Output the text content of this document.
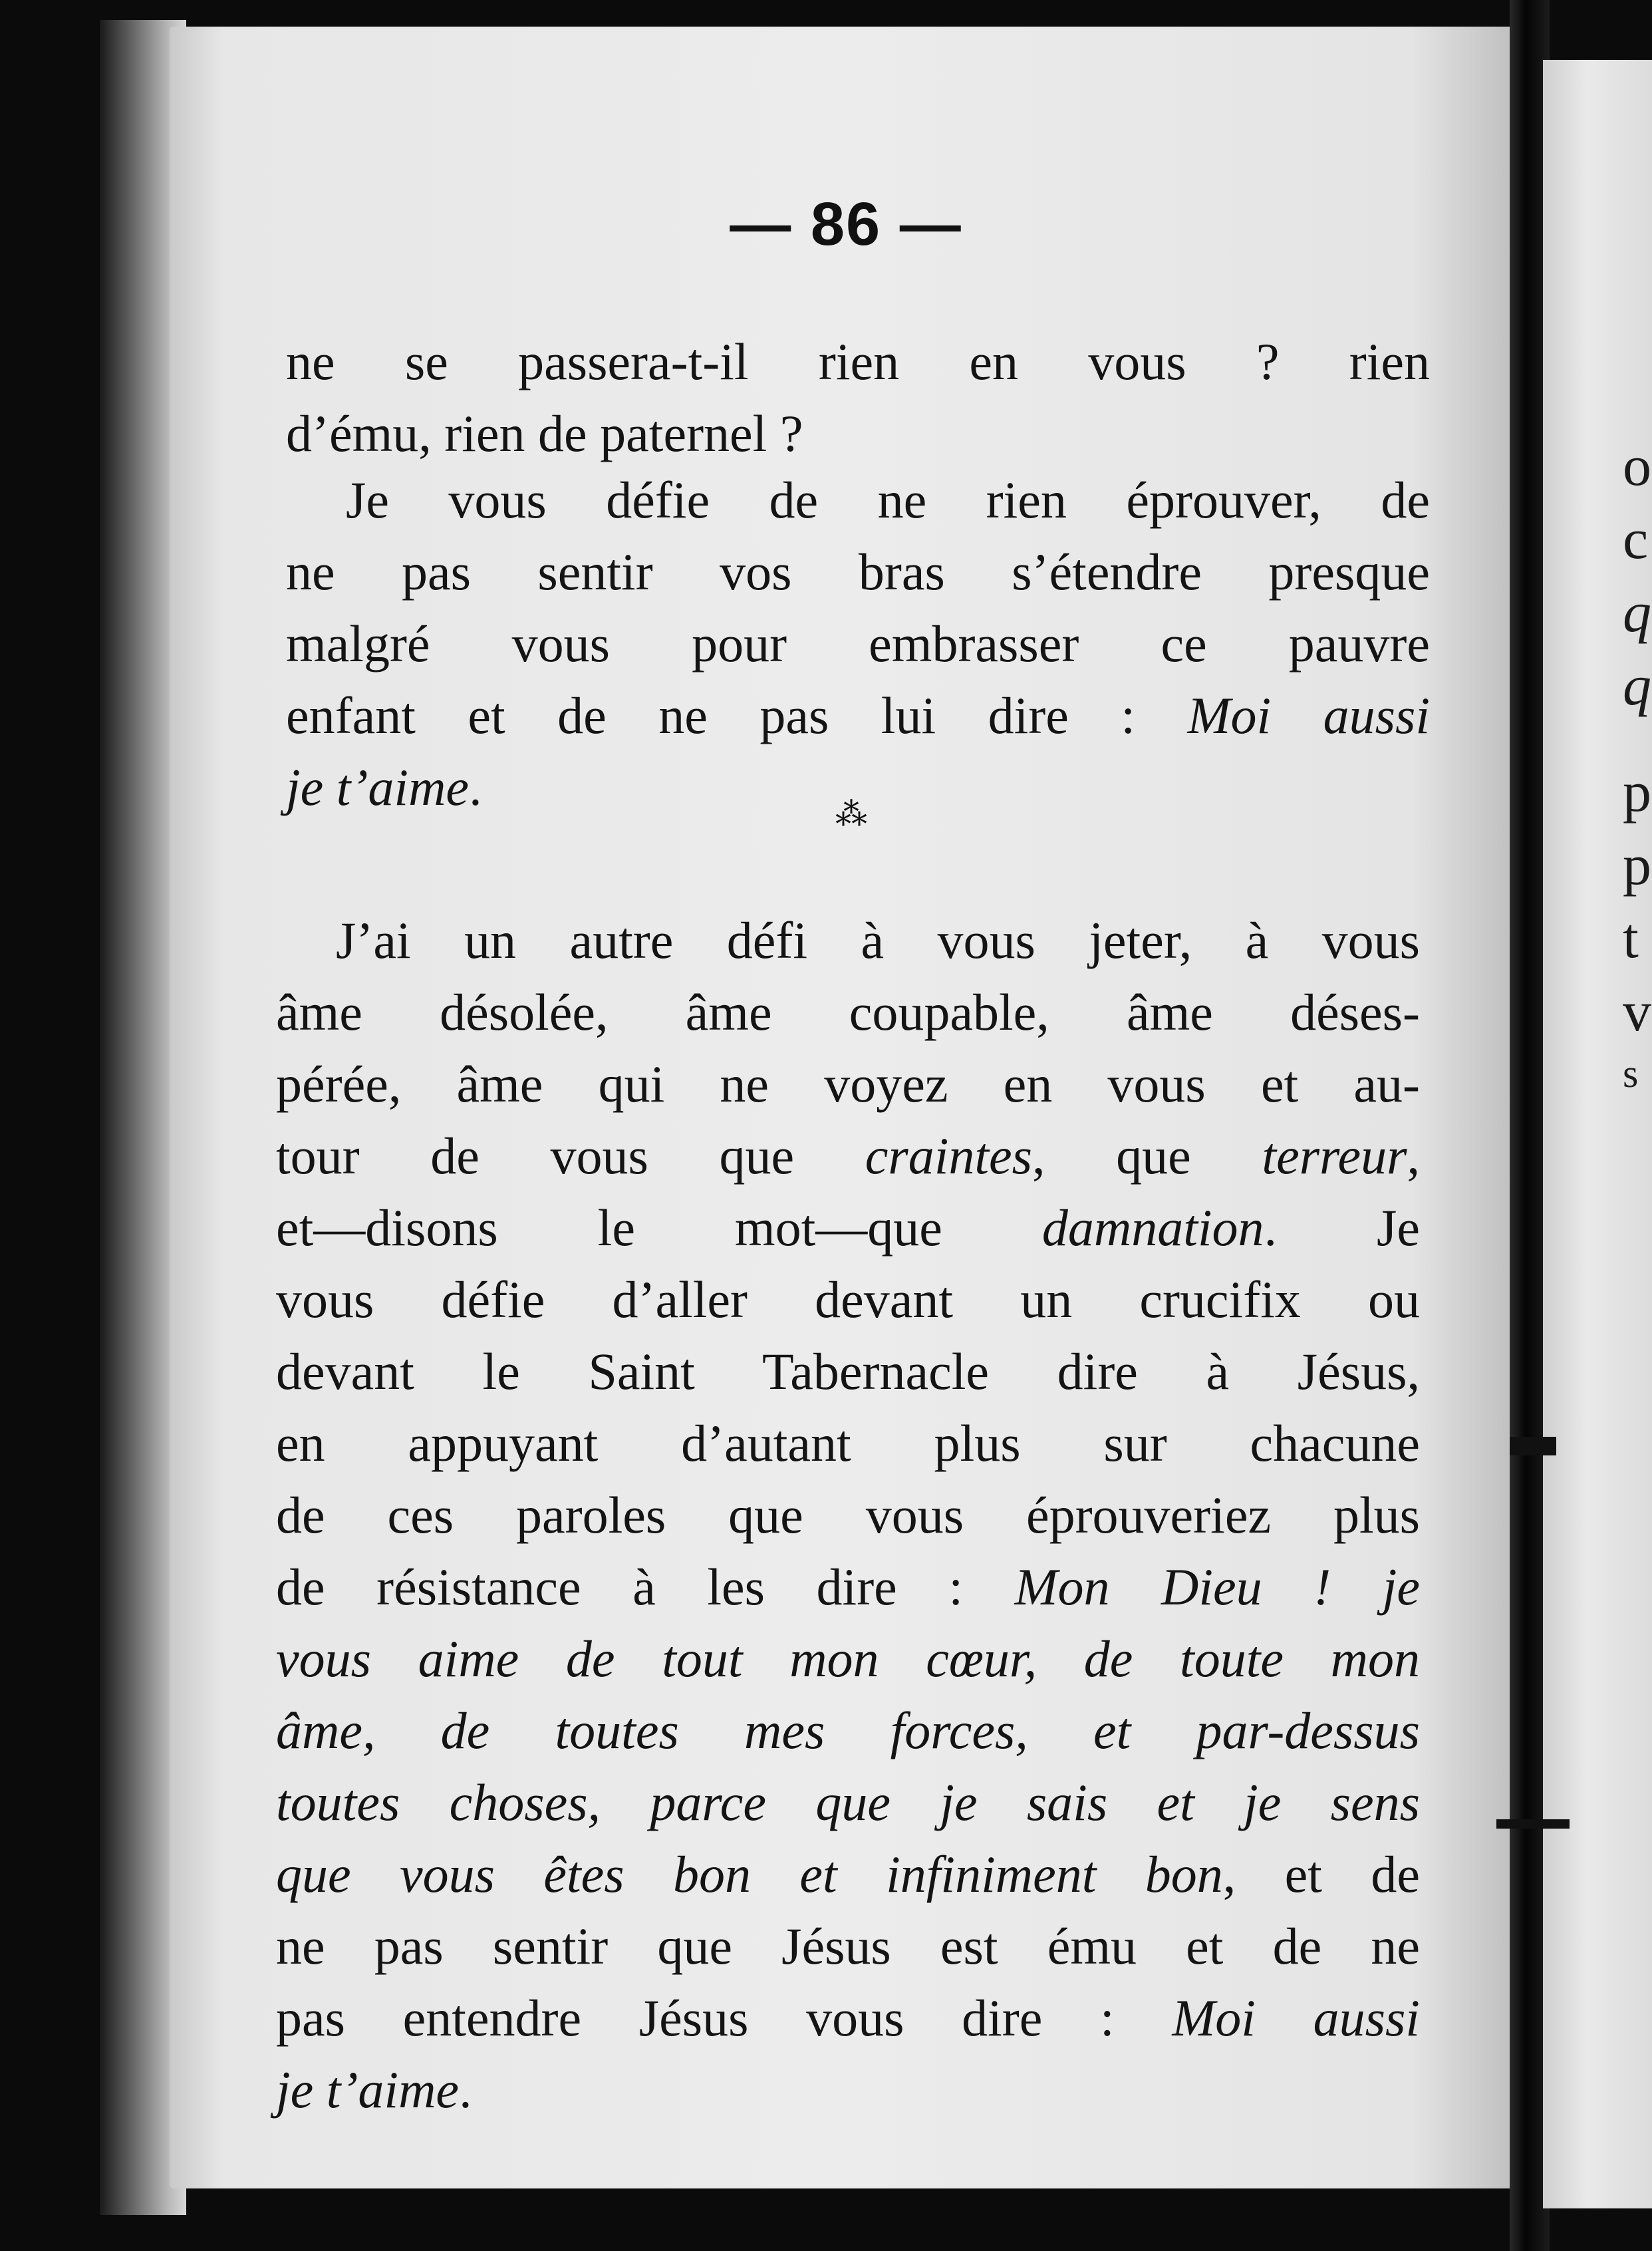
o
c
q
q
p
p
t
v
s
— 86 —
ne se passera-t-il rien en vous ? rien
d’ému, rien de paternel ?
Je vous défie de ne rien éprouver, de
ne pas sentir vos bras s’étendre presque
malgré vous pour embrasser ce pauvre
enfant et de ne pas lui dire : Moi aussi
je t’aime.	⁂
J’ai un autre défi à vous jeter, à vous
âme désolée, âme coupable, âme déses-
pérée, âme qui ne voyez en vous et au-
tour de vous que craintes, que terreur,
et—disons le mot—que damnation. Je
vous défie d’aller devant un crucifix ou
devant le Saint Tabernacle dire à Jésus,
en appuyant d’autant plus sur chacune
de ces paroles que vous éprouveriez plus
de résistance à les dire : Mon Dieu ! je
vous aime de tout mon cœur, de toute mon
âme, de toutes mes forces, et par-dessus
toutes choses, parce que je sais et je sens
que vous êtes bon et infiniment bon, et de
ne pas sentir que Jésus est ému et de ne
pas entendre Jésus vous dire : Moi aussi
je t’aime.
